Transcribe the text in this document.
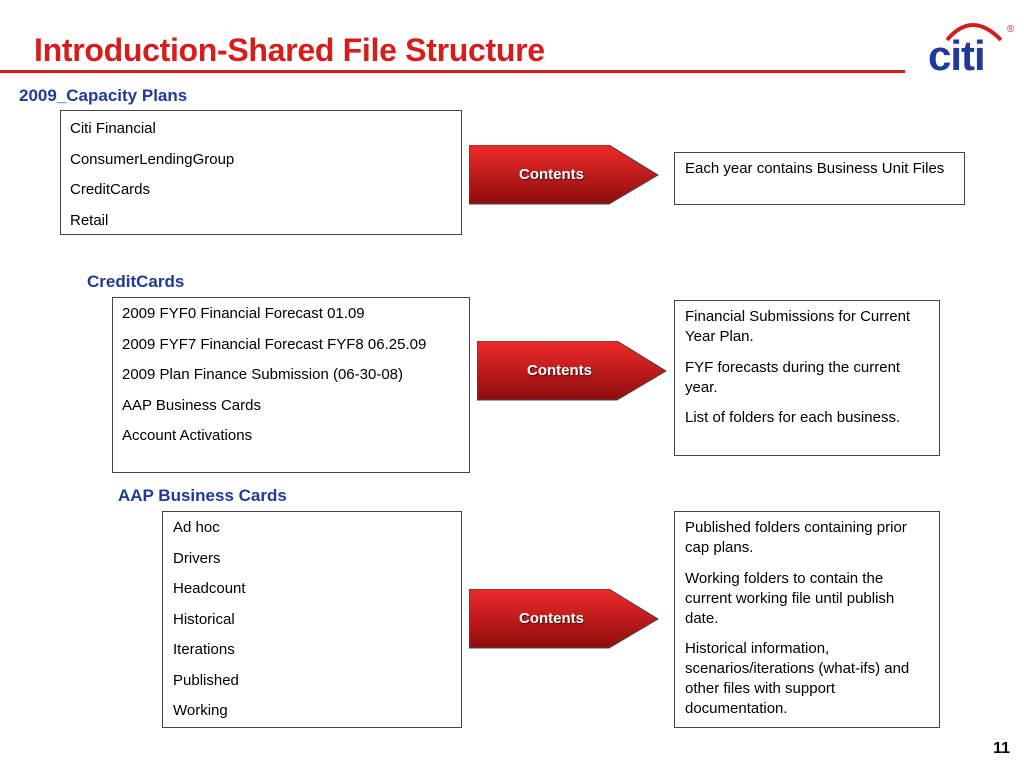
Introduction-Shared File Structure	citi
®
2009_Capacity Plans
Citi Financial
ConsumerLendingGroup
CreditCards
Retail
Contents	Each year contains Business Unit Files
CreditCards
2009 FYF0 Financial Forecast 01.09
2009 FYF7 Financial Forecast FYF8 06.25.09
2009 Plan Finance Submission (06-30-08)
AAP Business Cards
Account Activations
Contents
Financial Submissions for Current Year Plan.
FYF forecasts during the current year.
List of folders for each business.
AAP Business Cards
Ad hoc
Drivers
Headcount
Historical
Iterations
Published
Working
Contents
Published folders containing prior cap plans.
Working folders to contain the current working file until publish date.
Historical information, scenarios/iterations (what-ifs) and other files with support documentation.
11
